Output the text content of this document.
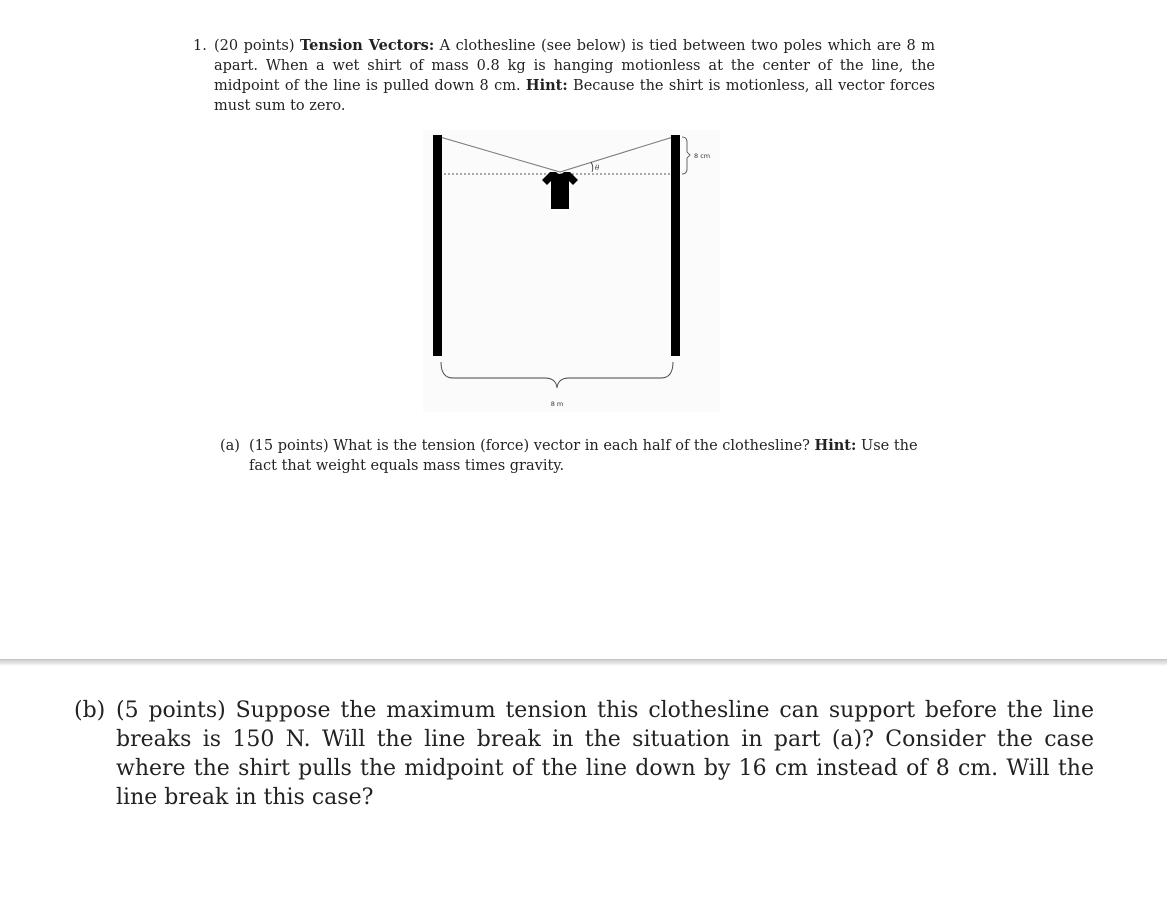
1. (20 points) Tension Vectors: A clothesline (see below) is tied between two poles which are 8 m apart. When a wet shirt of mass 0.8 kg is hanging motionless at the center of the line, the midpoint of the line is pulled down 8 cm. Hint: Because the shirt is motionless, all vector forces must sum to zero.
θ
8 cm
8 m
(a) (15 points) What is the tension (force) vector in each half of the clothesline? Hint: Use the fact that weight equals mass times gravity.
(b) (5 points) Suppose the maximum tension this clothesline can support before the line breaks is 150 N. Will the line break in the situation in part (a)? Consider the case where the shirt pulls the midpoint of the line down by 16 cm instead of 8 cm. Will the line break in this case?
